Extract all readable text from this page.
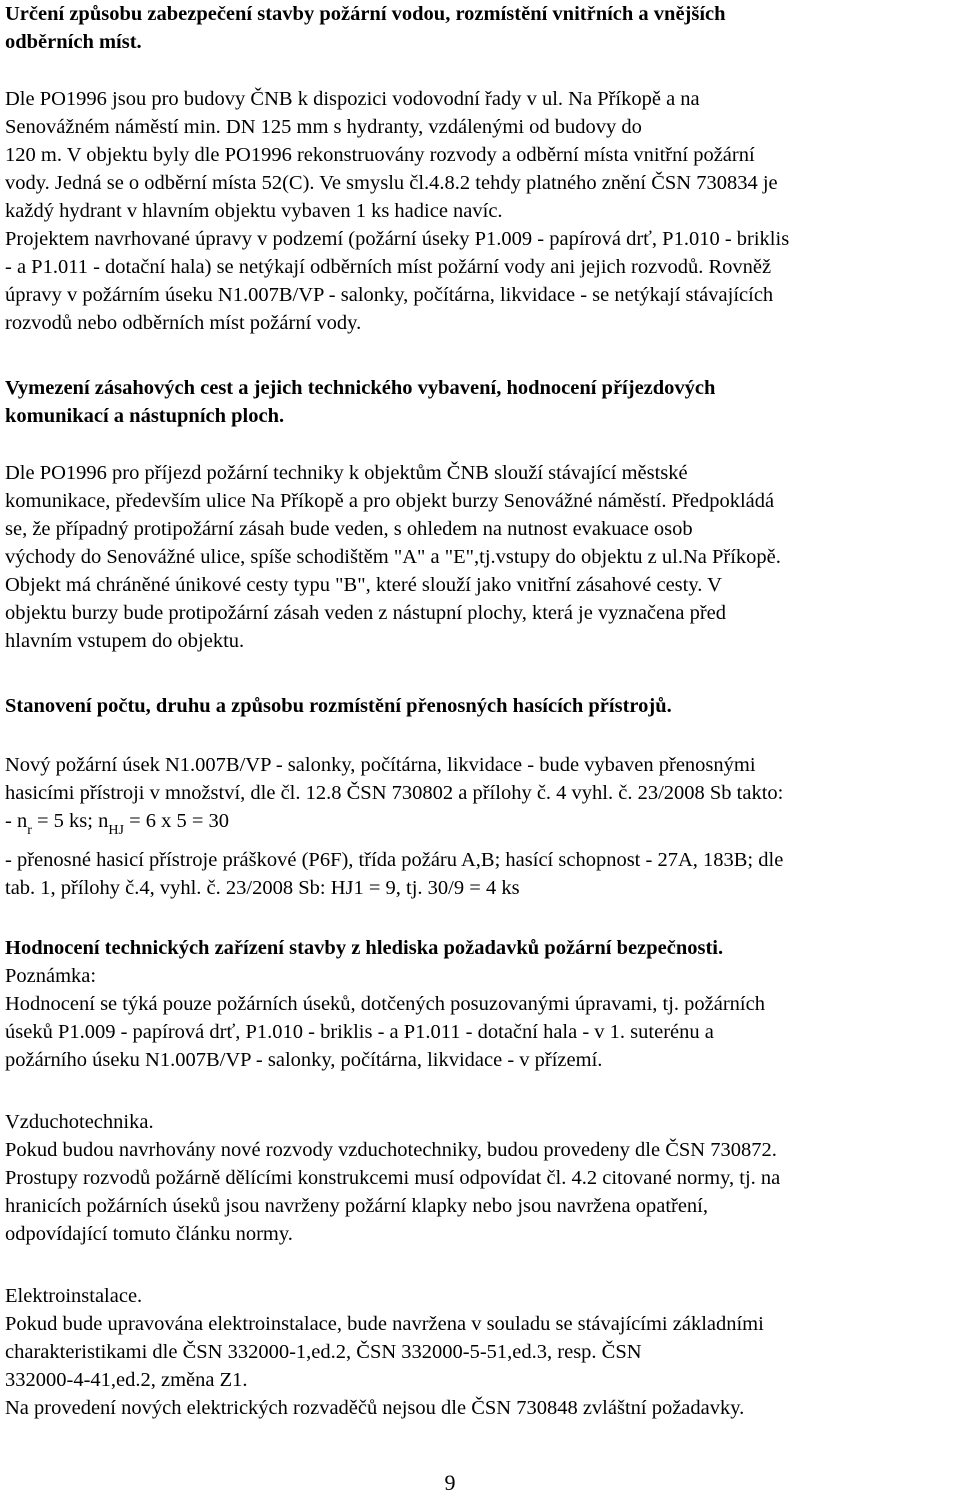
Určení způsobu zabezpečení stavby požární vodou, rozmístění vnitřních a vnějších
odběrních míst.
Dle PO1996 jsou pro budovy ČNB k dispozici vodovodní řady v ul. Na Příkopě a na
Senovážném náměstí min. DN 125 mm s hydranty, vzdálenými od budovy do
120 m. V objektu byly dle PO1996 rekonstruovány rozvody a odběrní místa vnitřní požární
vody. Jedná se o odběrní místa 52(C). Ve smyslu čl.4.8.2 tehdy platného znění ČSN 730834 je
každý hydrant v hlavním objektu vybaven 1 ks hadice navíc.
Projektem navrhované úpravy v podzemí (požární úseky P1.009 - papírová drť, P1.010 - briklis
- a P1.011 - dotační hala) se netýkají odběrních míst požární vody ani jejich rozvodů. Rovněž
úpravy v požárním úseku N1.007B/VP - salonky, počítárna, likvidace - se netýkají stávajících
rozvodů nebo odběrních míst požární vody.
Vymezení zásahových cest a jejich technického vybavení, hodnocení příjezdových
komunikací a nástupních ploch.
Dle PO1996 pro příjezd požární techniky k objektům ČNB slouží stávající městské
komunikace, především ulice Na Příkopě a pro objekt burzy Senovážné náměstí. Předpokládá
se, že případný protipožární zásah bude veden, s ohledem na nutnost evakuace osob
východy do Senovážné ulice, spíše schodištěm "A" a "E",tj.vstupy do objektu z ul.Na Příkopě.
Objekt má chráněné únikové cesty typu "B", které slouží jako vnitřní zásahové cesty. V
objektu burzy bude protipožární zásah veden z nástupní plochy, která je vyznačena před
hlavním vstupem do objektu.
Stanovení počtu, druhu a způsobu rozmístění přenosných hasících přístrojů.
Nový požární úsek N1.007B/VP - salonky, počítárna, likvidace - bude vybaven přenosnými
hasicími přístroji v množství, dle čl. 12.8 ČSN 730802 a přílohy č. 4 vyhl. č. 23/2008 Sb takto:
- $n_r = 5$ ks; $n_{HJ} = 6$ x 5 = 30
- přenosné hasicí přístroje práškové (P6F), třída požáru A,B; hasící schopnost - 27A, 183B; dle
tab. 1, přílohy č.4, vyhl. č. 23/2008 Sb: HJ1 = 9, tj. 30/9 = 4 ks
Hodnocení technických zařízení stavby z hlediska požadavků požární bezpečnosti.
Poznámka:
Hodnocení se týká pouze požárních úseků, dotčených posuzovanými úpravami, tj. požárních
úseků P1.009 - papírová drť, P1.010 - briklis - a P1.011 - dotační hala - v 1. suterénu a
požárního úseku N1.007B/VP - salonky, počítárna, likvidace - v přízemí.
Vzduchotechnika.
Pokud budou navrhovány nové rozvody vzduchotechniky, budou provedeny dle ČSN 730872.
Prostupy rozvodů požárně dělícími konstrukcemi musí odpovídat čl. 4.2 citované normy, tj. na
hranicích požárních úseků jsou navrženy požární klapky nebo jsou navržena opatření,
odpovídající tomuto článku normy.
Elektroinstalace.
Pokud bude upravována elektroinstalace, bude navržena v souladu se stávajícími základními
charakteristikami dle ČSN 332000-1,ed.2, ČSN 332000-5-51,ed.3, resp. ČSN
332000-4-41,ed.2, změna Z1.
Na provedení nových elektrických rozvaděčů nejsou dle ČSN 730848 zvláštní požadavky.
9
